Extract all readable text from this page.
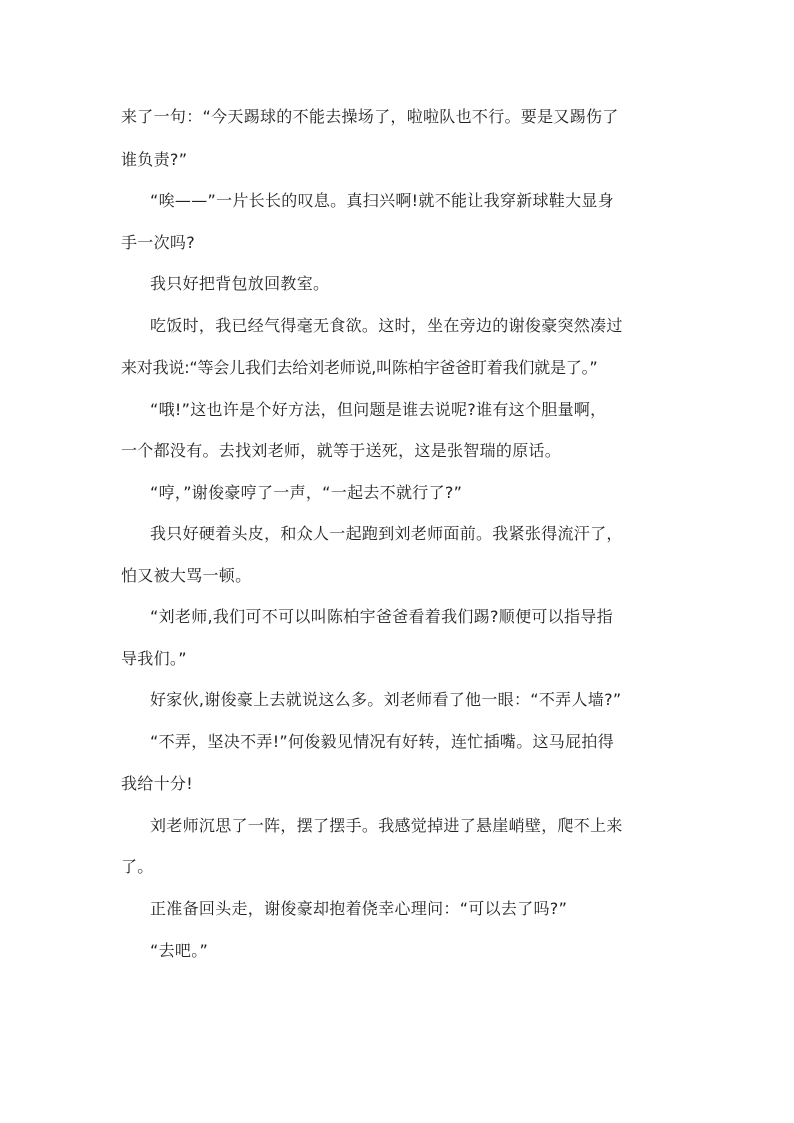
来了一句：“今天踢球的不能去操场了，啦啦队也不行。要是又踢伤了
谁负责?”
“唉——”一片长长的叹息。真扫兴啊!就不能让我穿新球鞋大显身
手一次吗?
我只好把背包放回教室。
吃饭时，我已经气得毫无食欲。这时，坐在旁边的谢俊豪突然凑过
来对我说:“等会儿我们去给刘老师说,叫陈柏宇爸爸盯着我们就是了。”
“哦!”这也许是个好方法，但问题是谁去说呢?谁有这个胆量啊，
一个都没有。去找刘老师，就等于送死，这是张智瑞的原话。
“哼，”谢俊豪哼了一声，“一起去不就行了?”
我只好硬着头皮，和众人一起跑到刘老师面前。我紧张得流汗了，
怕又被大骂一顿。
“刘老师,我们可不可以叫陈柏宇爸爸看着我们踢?顺便可以指导指
导我们。”
好家伙,谢俊豪上去就说这么多。刘老师看了他一眼：“不弄人墙?”
“不弄，坚决不弄!”何俊毅见情况有好转，连忙插嘴。这马屁拍得
我给十分!
刘老师沉思了一阵，摆了摆手。我感觉掉进了悬崖峭壁，爬不上来
了。
正准备回头走，谢俊豪却抱着侥幸心理问：“可以去了吗?”
“去吧。”
